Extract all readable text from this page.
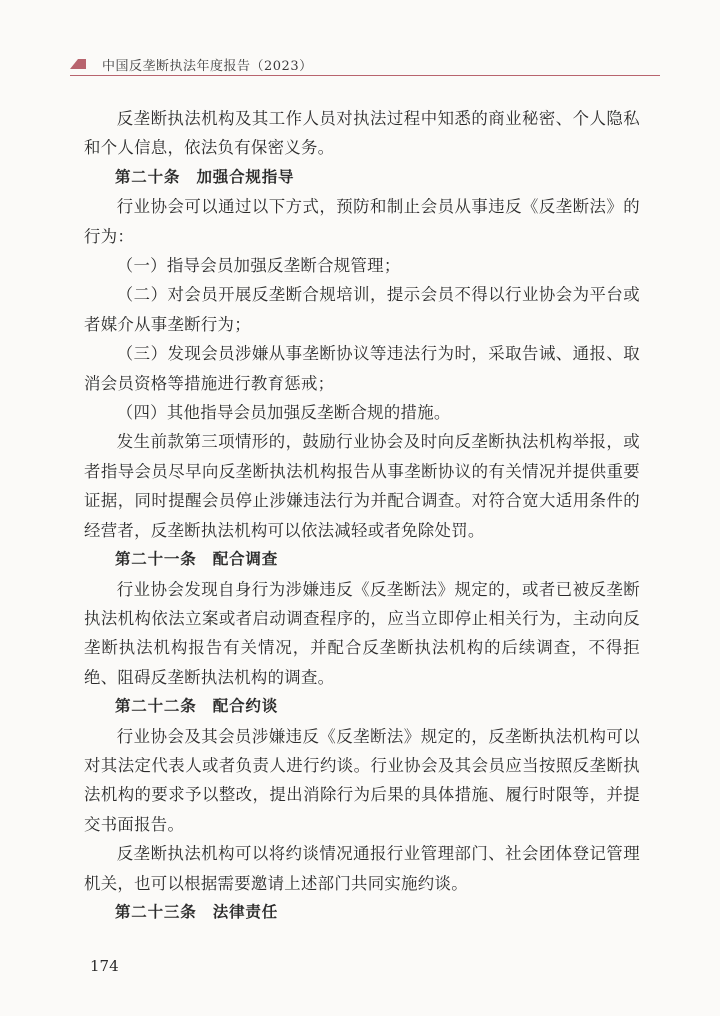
中国反垄断执法年度报告（2023）

反垄断执法机构及其工作人员对执法过程中知悉的商业秘密、个人隐私和个人信息，依法负有保密义务。

第二十条　加强合规指导

行业协会可以通过以下方式，预防和制止会员从事违反《反垄断法》的行为：

（一）指导会员加强反垄断合规管理；

（二）对会员开展反垄断合规培训，提示会员不得以行业协会为平台或者媒介从事垄断行为；

（三）发现会员涉嫌从事垄断协议等违法行为时，采取告诫、通报、取消会员资格等措施进行教育惩戒；

（四）其他指导会员加强反垄断合规的措施。

发生前款第三项情形的，鼓励行业协会及时向反垄断执法机构举报，或者指导会员尽早向反垄断执法机构报告从事垄断协议的有关情况并提供重要证据，同时提醒会员停止涉嫌违法行为并配合调查。对符合宽大适用条件的经营者，反垄断执法机构可以依法减轻或者免除处罚。

第二十一条　配合调查

行业协会发现自身行为涉嫌违反《反垄断法》规定的，或者已被反垄断执法机构依法立案或者启动调查程序的，应当立即停止相关行为，主动向反垄断执法机构报告有关情况，并配合反垄断执法机构的后续调查，不得拒绝、阻碍反垄断执法机构的调查。

第二十二条　配合约谈

行业协会及其会员涉嫌违反《反垄断法》规定的，反垄断执法机构可以对其法定代表人或者负责人进行约谈。行业协会及其会员应当按照反垄断执法机构的要求予以整改，提出消除行为后果的具体措施、履行时限等，并提交书面报告。

反垄断执法机构可以将约谈情况通报行业管理部门、社会团体登记管理机关，也可以根据需要邀请上述部门共同实施约谈。

第二十三条　法律责任

174
